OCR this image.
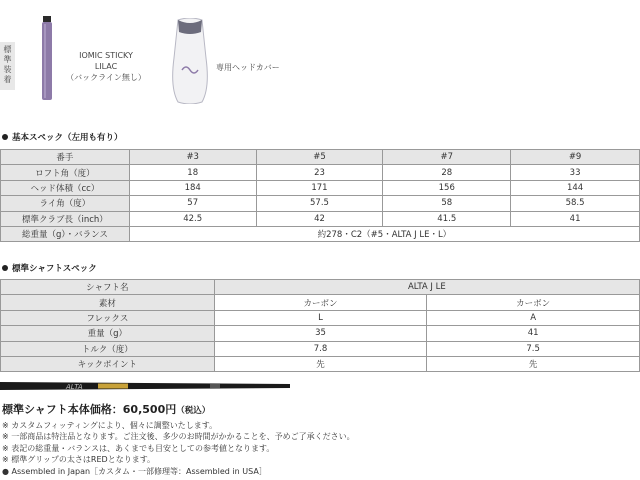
標準装着
IOMIC STICKY
LILAC
（バックライン無し）
専用ヘッドカバー
基本スペック（左用も有り）
番手	#3	#5	#7	#9
ロフト角（度）	18	23	28	33
ヘッド体積（cc）	184	171	156	144
ライ角（度）	57	57.5	58	58.5
標準クラブ長（inch）	42.5	42	41.5	41
総重量（g）・バランス	約278・C2（#5・ALTA J LE・L）			
標準シャフトスペック
シャフト名	ALTA J LE	
素材	カーボン	カーボン
フレックス	L	A
重量（g）	35	41
トルク（度）	7.8	7.5
キックポイント	先	先
ALTA
標準シャフト本体価格：60,500円（税込）
※ カスタムフィッティングにより、個々に調整いたします。
※ 一部商品は特注品となります。ご注文後、多少のお時間がかかることを、予めご了承ください。
※ 表記の総重量・バランスは、あくまでも目安としての参考値となります。
※ 標準グリップの太さはREDとなります。
● Assembled in Japan［カスタム・一部修理等：Assembled in USA］
